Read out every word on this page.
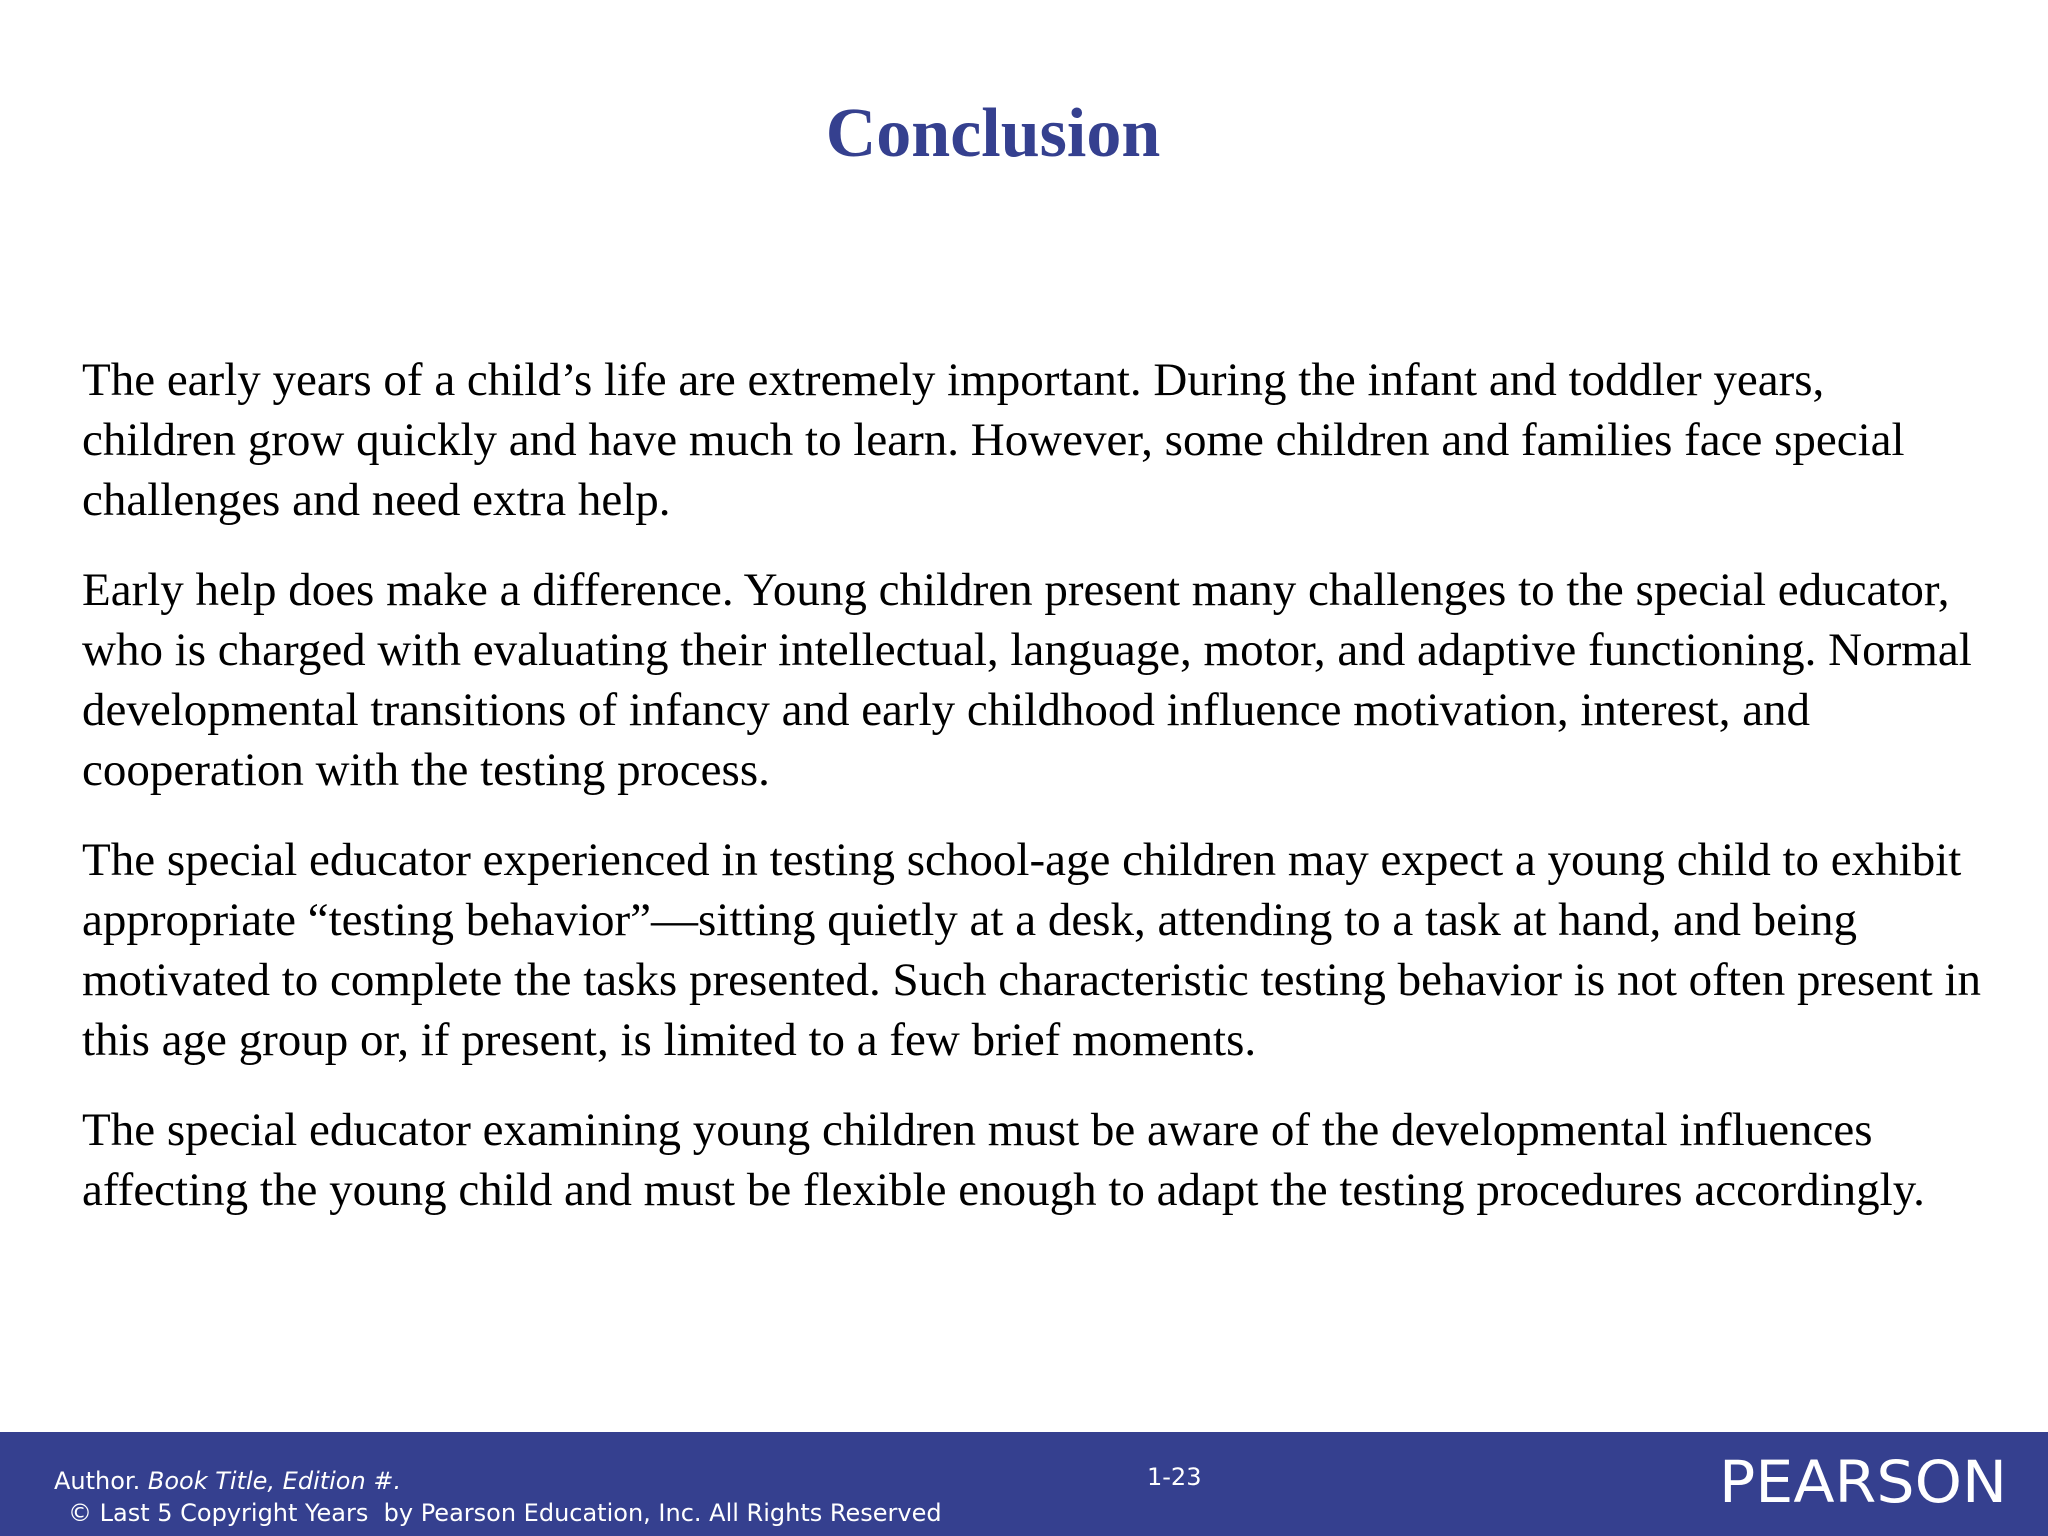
Conclusion

The early years of a child’s life are extremely important. During the infant and toddler years, children grow quickly and have much to learn. However, some children and families face special challenges and need extra help.

Early help does make a difference. Young children present many challenges to the special educator, who is charged with evaluating their intellectual, language, motor, and adaptive functioning. Normal developmental transitions of infancy and early childhood influence motivation, interest, and cooperation with the testing process.

The special educator experienced in testing school-age children may expect a young child to exhibit appropriate “testing behavior”—sitting quietly at a desk, attending to a task at hand, and being motivated to complete the tasks presented. Such characteristic testing behavior is not often present in this age group or, if present, is limited to a few brief moments.

The special educator examining young children must be aware of the developmental influences affecting the young child and must be flexible enough to adapt the testing procedures accordingly.

Author. Book Title, Edition #.
© Last 5 Copyright Years  by Pearson Education, Inc. All Rights Reserved
1-23	PEARSON
